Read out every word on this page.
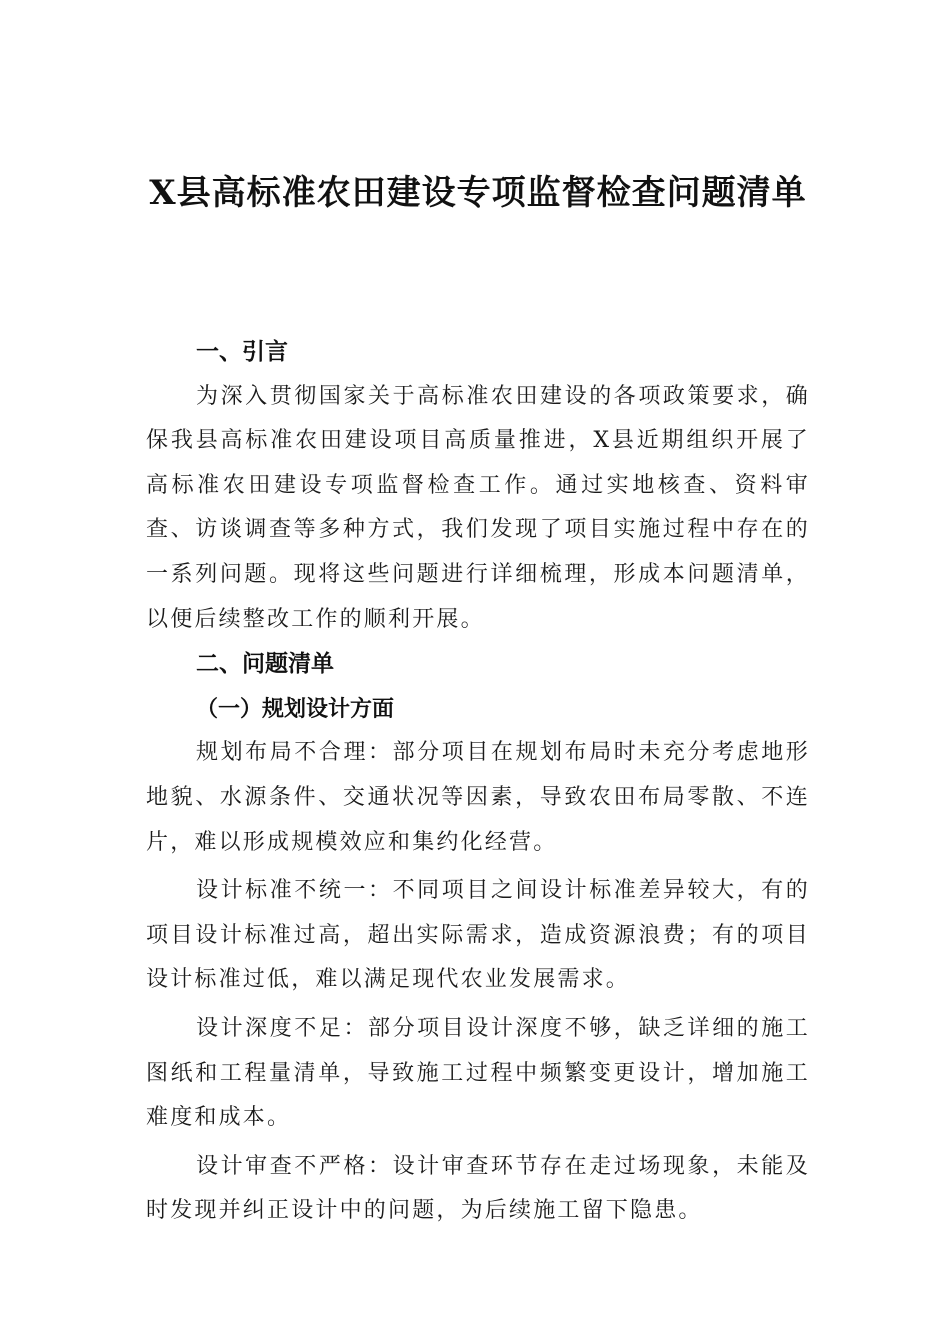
X县高标准农田建设专项监督检查问题清单

一、引言

为深入贯彻国家关于高标准农田建设的各项政策要求，确保我县高标准农田建设项目高质量推进，X县近期组织开展了高标准农田建设专项监督检查工作。通过实地核查、资料审查、访谈调查等多种方式，我们发现了项目实施过程中存在的一系列问题。现将这些问题进行详细梳理，形成本问题清单，以便后续整改工作的顺利开展。

二、问题清单

（一）规划设计方面

规划布局不合理：部分项目在规划布局时未充分考虑地形地貌、水源条件、交通状况等因素，导致农田布局零散、不连片，难以形成规模效应和集约化经营。

设计标准不统一：不同项目之间设计标准差异较大，有的项目设计标准过高，超出实际需求，造成资源浪费；有的项目设计标准过低，难以满足现代农业发展需求。

设计深度不足：部分项目设计深度不够，缺乏详细的施工图纸和工程量清单，导致施工过程中频繁变更设计，增加施工难度和成本。

设计审查不严格：设计审查环节存在走过场现象，未能及时发现并纠正设计中的问题，为后续施工留下隐患。
